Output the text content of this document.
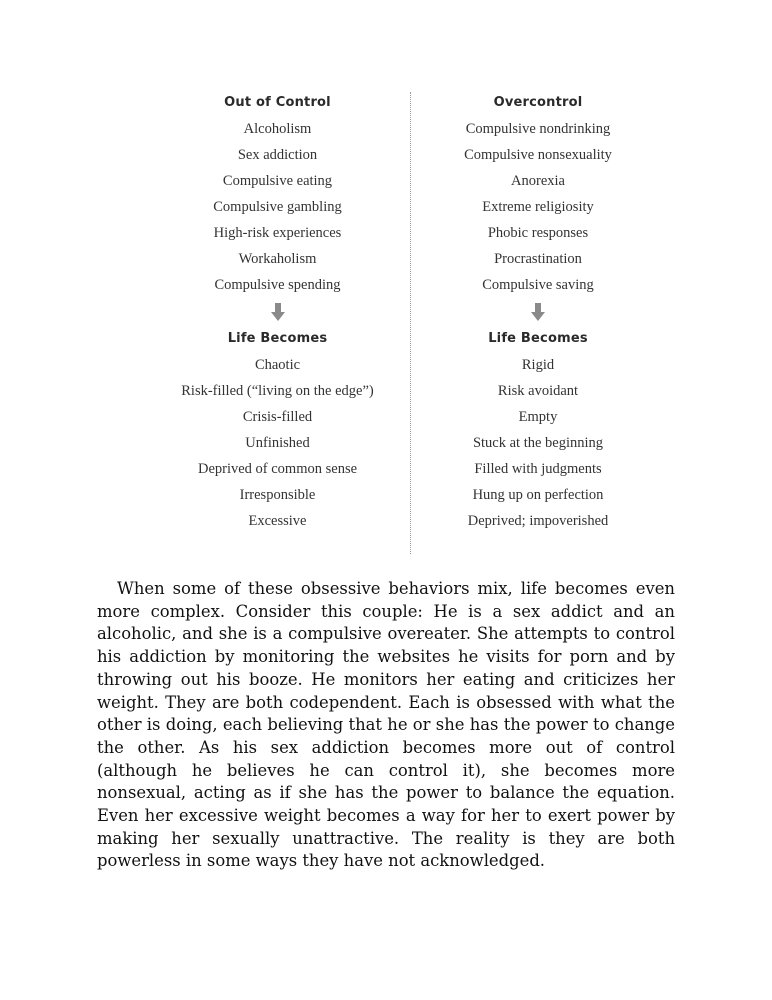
Out of Control
Alcoholism
Sex addiction
Compulsive eating
Compulsive gambling
High-risk experiences
Workaholism
Compulsive spending
Life Becomes
Chaotic
Risk-filled (“living on the edge”)
Crisis-filled
Unfinished
Deprived of common sense
Irresponsible
Excessive
Overcontrol
Compulsive nondrinking
Compulsive nonsexuality
Anorexia
Extreme religiosity
Phobic responses
Procrastination
Compulsive saving
Life Becomes
Rigid
Risk avoidant
Empty
Stuck at the beginning
Filled with judgments
Hung up on perfection
Deprived; impoverished

When some of these obsessive behaviors mix, life becomes even more complex. Consider this couple: He is a sex addict and an alcoholic, and she is a compulsive overeater. She attempts to control his addiction by monitoring the websites he visits for porn and by throwing out his booze. He monitors her eating and criticizes her weight. They are both codependent. Each is obsessed with what the other is doing, each believing that he or she has the power to change the other. As his sex addiction becomes more out of control (although he believes he can control it), she becomes more nonsexual, acting as if she has the power to balance the equation. Even her excessive weight becomes a way for her to exert power by making her sexually unattractive. The reality is they are both powerless in some ways they have not acknowledged.
